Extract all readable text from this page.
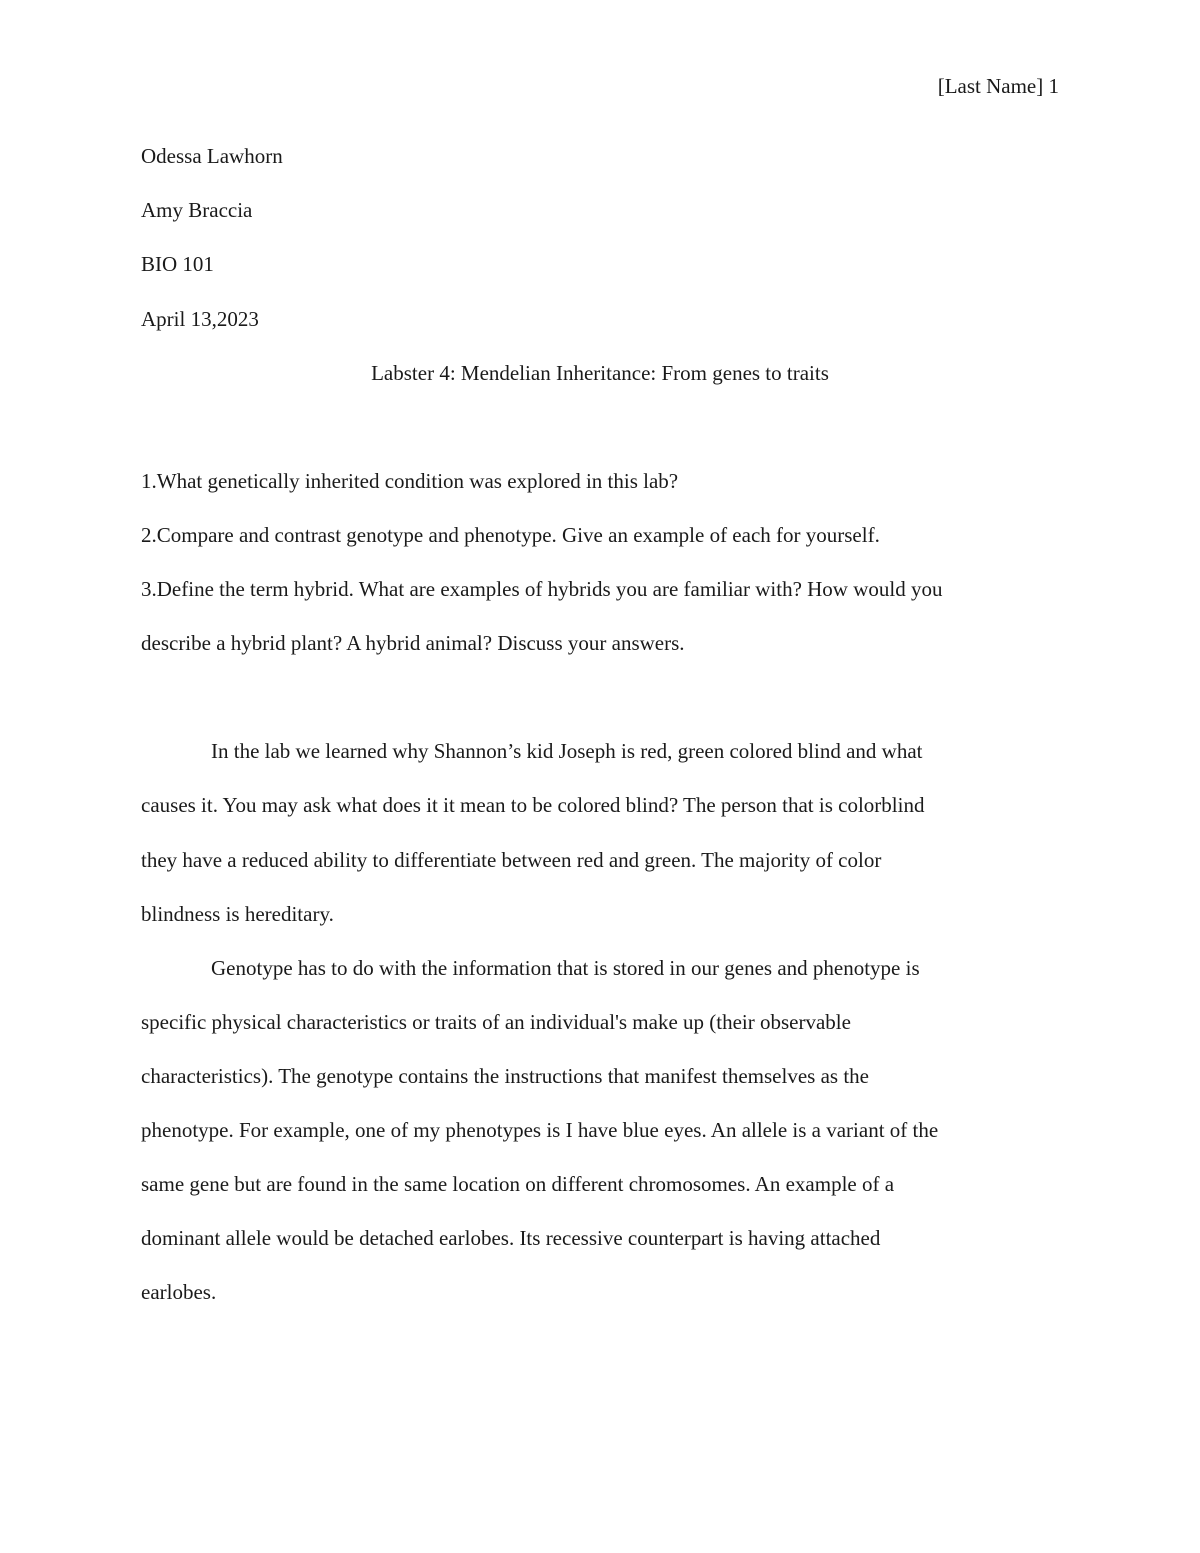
[Last Name] 1
Odessa Lawhorn
Amy Braccia
BIO 101
April 13,2023
Labster 4: Mendelian Inheritance: From genes to traits
1.What genetically inherited condition was explored in this lab?
2.Compare and contrast genotype and phenotype. Give an example of each for yourself.
3.Define the term hybrid. What are examples of hybrids you are familiar with? How would you
describe a hybrid plant? A hybrid animal? Discuss your answers.
In the lab we learned why Shannon’s kid Joseph is red, green colored blind and what
causes it. You may ask what does it it mean to be colored blind? The person that is colorblind
they have a reduced ability to differentiate between red and green. The majority of color
blindness is hereditary.
Genotype has to do with the information that is stored in our genes and phenotype is
specific physical characteristics or traits of an individual's make up (their observable
characteristics). The genotype contains the instructions that manifest themselves as the
phenotype. For example, one of my phenotypes is I have blue eyes. An allele is a variant of the
same gene but are found in the same location on different chromosomes. An example of a
dominant allele would be detached earlobes. Its recessive counterpart is having attached
earlobes.
